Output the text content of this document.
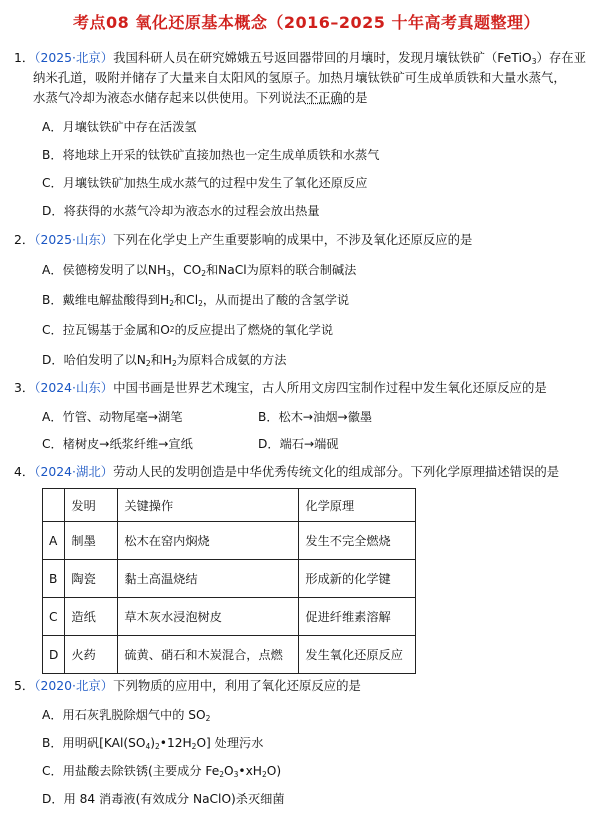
考点08 氧化还原基本概念（2016–2025 十年高考真题整理）
1．（2025·北京）我国科研人员在研究嫦娥五号返回器带回的月壤时，发现月壤钛铁矿（FeTiO$_3$）存在亚
纳米孔道，吸附并储存了大量来自太阳风的氢原子。加热月壤钛铁矿可生成单质铁和大量水蒸气，
水蒸气冷却为液态水储存起来以供使用。下列说法不正确的是
A．月壤钛铁矿中存在活泼氢
B．将地球上开采的钛铁矿直接加热也一定生成单质铁和水蒸气
C．月壤钛铁矿加热生成水蒸气的过程中发生了氧化还原反应
D．将获得的水蒸气冷却为液态水的过程会放出热量
2．（2025·山东）下列在化学史上产生重要影响的成果中，不涉及氧化还原反应的是
A．侯德榜发明了以$NH_3$，$CO_2$和NaCl为原料的联合制碱法
B．戴维电解盐酸得到$H_2$和$Cl_2$，从而提出了酸的含氢学说
C．拉瓦锡基于金属和$O^2$的反应提出了燃烧的氧化学说
D．哈伯发明了以$N_2$和$H_2$为原料合成氨的方法
3．（2024·山东）中国书画是世界艺术瑰宝，古人所用文房四宝制作过程中发生氧化还原反应的是
A．竹管、动物尾毫→湖笔	B．松木→油烟→徽墨
C．楮树皮→纸浆纤维→宣纸	D．端石→端砚
4．（2024·湖北）劳动人民的发明创造是中华优秀传统文化的组成部分。下列化学原理描述错误的是
	发明	关键操作	化学原理
A	制墨	松木在窑内焖烧	发生不完全燃烧
B	陶瓷	黏土高温烧结	形成新的化学键
C	造纸	草木灰水浸泡树皮	促进纤维素溶解
D	火药	硫黄、硝石和木炭混合，点燃	发生氧化还原反应
5．（2020·北京）下列物质的应用中，利用了氧化还原反应的是
A．用石灰乳脱除烟气中的 $SO_2$
B．用明矾$[KAl(SO_4)_2•12H_2O]$ 处理污水
C．用盐酸去除铁锈(主要成分 $Fe_2O_3•xH_2O$)
D．用 84 消毒液(有效成分 NaClO)杀灭细菌
